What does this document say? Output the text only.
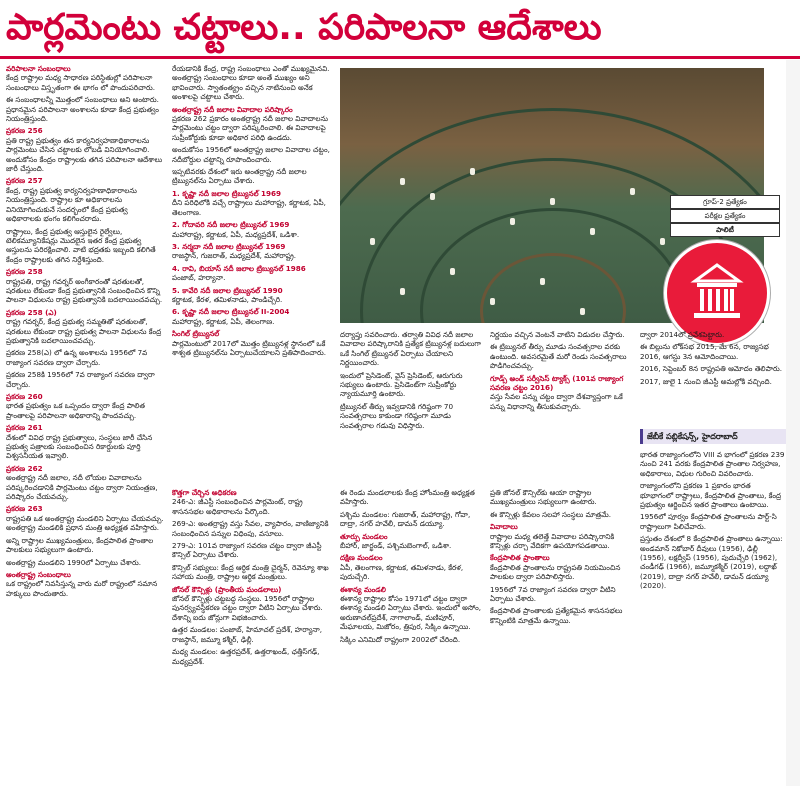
పార్లమెంటు చట్టాలు.. పరిపాలనా ఆదేశాలు

వరిపాలనా సంబంధాలు
కేంద్ర రాష్ట్రాల మధ్య సాధారణ పరిస్థితుల్లో పరిపాలనా సంబంధాలు విస్తృతంగా ఈ భాగం లో పొందుపరిచారు.

ఈ సంబంధాలన్నీ మొత్తంలో సంబంధాలు అని అంటారు. ప్రధానమైన పరిపాలనా అంశాలను కూడా కేంద్ర ప్రభుత్వం నియంత్రిస్తుంది.

ప్రకరణ 256
ప్రతి రాష్ట్ర ప్రభుత్వం తన కార్యనిర్వహణాధికారాలను పార్లమెంటు చేసిన చట్టాలకు లోబడి వినియోగించాలి. అందుకోసం కేంద్రం రాష్ట్రాలకు తగిన పరిపాలనా ఆదేశాలు జారీ చేస్తుంది.

ప్రకరణ 257
కేంద్ర, రాష్ట్ర ప్రభుత్వ కార్యనిర్వహణాధికారాలను నియంత్రిస్తుంది. రాష్ట్రాల కూ అధికారాలను వినియోగించుకునే సందర్భంలో కేంద్ర ప్రభుత్వ అధికారాలకు భంగం కలిగించరాదు.

రాష్ట్రాలు, కేంద్ర ప్రభుత్వ ఆస్తులైన రైల్వేలు, టెలికమ్యూనికేషన్లు మొదలైన ఇతర కేంద్ర ప్రభుత్వ ఆస్తులను పరిరక్షించాలి. వాటి భద్రతకు ఇబ్బంది కలిగితే కేంద్రం రాష్ట్రాలకు తగిన నిర్దేశిస్తుంది.

ప్రకరణ 258
రాష్ట్రపతి, రాష్ట్ర గవర్నర్ అంగీకారంతో షరతులతో, షరతులు లేకుండా కేంద్ర ప్రభుత్వానికి సంబంధించిన కొన్ని పాలనా విధులను రాష్ట్ర ప్రభుత్వానికి బదలాయించవచ్చు.

ప్రకరణ 258 (ఎ)
రాష్ట్ర గవర్నర్, కేంద్ర ప్రభుత్వ సమ్మతితో షరతులతో, షరతులు లేకుండా రాష్ట్ర ప్రభుత్వ పాలనా విధులను కేంద్ర ప్రభుత్వానికి బదలాయించవచ్చు.

ప్రకరణ 258(ఎ) లో ఉన్న అంశాలను 1956లో 7వ రాజ్యాంగ సవరణ ద్వారా చేర్చారు.

ప్రకరణ 258కి 1956లో 7వ రాజ్యాంగ సవరణ ద్వారా చేర్చారు.

ప్రకరణ 260
భారత ప్రభుత్వం ఒక ఒప్పందం ద్వారా కేంద్ర పాలిత ప్రాంతాలపై పరిపాలనా అధికారాన్ని పొందవచ్చు.

ప్రకరణ 261
దేశంలో వివిధ రాష్ట్ర ప్రభుత్వాలు, సంస్థలు జారీ చేసిన ప్రభుత్వ పత్రాలకు సంబంధించిన రికార్డులకు పూర్తి విశ్వసనీయత ఇవ్వాలి.

ప్రకరణ 262
అంతర్రాష్ట్ర నదీ జలాల, నదీ లోయల వివాదాలను పరిష్కరించడానికి పార్లమెంటు చట్టం ద్వారా నియంత్రణ, పరిష్కారం చేయవచ్చు.

ప్రకరణ 263
రాష్ట్రపతి ఒక అంతర్రాష్ట్ర మండలిని ఏర్పాటు చేయవచ్చు. అంతర్రాష్ట్ర మండలికి ప్రధాన మంత్రి అధ్యక్షత వహిస్తారు.

అన్ని రాష్ట్రాల ముఖ్యమంత్రులు, కేంద్రపాలిత ప్రాంతాల పాలకులు సభ్యులుగా ఉంటారు.

అంతర్రాష్ట్ర మండలిని 1990లో ఏర్పాటు చేశారు.

అంతర్రాష్ట్ర సంబంధాలు
ఒక రాష్ట్రంలో నివసిస్తున్న వారు మరో రాష్ట్రంలో సమాన హక్కులు పొందుతారు.

రేయడానికి కేంద్ర, రాష్ట్ర సంబంధాలు ఎంతో ముఖ్యమైనవి. అంతర్రాష్ట్ర సంబంధాలు కూడా అంతే ముఖ్యం అని భావించారు. స్వాతంత్య్రం వచ్చిన నాటినుంచి అనేక అంశాలపై చట్టాలు చేశారు.

అంతర్రాష్ట్ర నదీ జలాల వివాదాల పరిష్కారం
ప్రకరణ 262 ప్రకారం అంతర్రాష్ట్ర నదీ జలాల వివాదాలను పార్లమెంటు చట్టం ద్వారా పరిష్కరించాలి. ఈ వివాదాలపై సుప్రీంకోర్టుకు కూడా అధికార పరిధి ఉండదు.

అందుకోసం 1956లో అంతర్రాష్ట్ర జలాల వివాదాల చట్టం, నదీబోర్డుల చట్టాన్ని రూపొందించారు.

ఇప్పటివరకు దేశంలో ఇరు అంతర్రాష్ట్ర నదీ జలాల ట్రిబ్యునల్‌ను ఏర్పాటు చేశారు.

1. కృష్ణా నదీ జలాల ట్రిబ్యునల్ 1969
దీని పరిధిలోకి వచ్చే రాష్ట్రాలు మహారాష్ట్ర, కర్ణాటక, ఏపీ, తెలంగాణ.

2. గోదావరి నదీ జలాల ట్రిబ్యునల్ 1969
మహారాష్ట్ర, కర్ణాటక, ఏపీ, మధ్యప్రదేశ్, ఒడిశా.

3. నర్మదా నదీ జలాల ట్రిబ్యునల్ 1969
రాజస్థాన్, గుజరాత్, మధ్యప్రదేశ్, మహారాష్ట్ర.

4. రావి, బియాస్ నదీ జలాల ట్రిబ్యునల్ 1986
పంజాబ్, హర్యానా.

5. కావేరి నదీ జలాల ట్రిబ్యునల్ 1990
కర్ణాటక, కేరళ, తమిళనాడు, పాండిచ్చేరి.

6. కృష్ణా నదీ జలాల ట్రిబ్యునల్ II-2004
మహారాష్ట్ర, కర్ణాటక, ఏపీ, తెలంగాణ.

సింగిల్ ట్రిబ్యునల్
పార్లమెంటులో 2017లో మొత్తం ట్రిబ్యునళ్ల స్థానంలో ఒకే శాశ్వత ట్రిబ్యునల్‌ను ఏర్పాటుచేయాలని ప్రతిపాదించారు.

గ్రూప్-2 ప్రత్యేకం
పరీక్షల ప్రత్యేకం
పాలిటీ

దర్యాప్తు సవరించారు. తర్వాతి వివిధ నదీ జలాల వివాదాల పరిష్కారానికి ప్రత్యేక ట్రిబ్యునళ్ల బదులుగా ఒకే సింగిల్ ట్రిబ్యునల్ ఏర్పాటు చేయాలని నిర్ణయించారు.

ఇందులో ప్రెసిడెంట్, వైస్ ప్రెసిడెంట్, ఆరుగురు సభ్యులు ఉంటారు. ప్రెసిడెంట్‌గా సుప్రీంకోర్టు న్యాయమూర్తి ఉంటారు.

ట్రిబ్యునల్ తీర్పు ఇవ్వడానికి గరిష్ఠంగా 70 సంవత్సరాలు కాకుండా గరిష్ఠంగా మూడు సంవత్సరాల గడువు విధిస్తారు.

నిర్ణయం వచ్చిన వెంటనే వాటిని విడుదల చేస్తారు.

ఈ ట్రిబ్యునల్ తీర్పు మూడు సంవత్సరాల వరకు ఉంటుంది. అవసరమైతే మరో రెండు సంవత్సరాలు పొడిగించవచ్చు.

గూడ్స్ అండ్ సర్వీసెస్ ట్యాక్స్ (101వ రాజ్యాంగ సవరణ చట్టం 2016)
వస్తు సేవల పన్ను చట్టం ద్వారా దేశవ్యాప్తంగా ఒకే పన్ను విధానాన్ని తీసుకువచ్చారు.

ద్వారా 2014లో ప్రవేశపెట్టారు.

ఈ బిల్లును లోక్‌సభ 2015, మే 6న, రాజ్యసభ 2016, ఆగస్టు 3న ఆమోదించాయి.

2016, సెప్టెంబర్ 8న రాష్ట్రపతి ఆమోదం తెలిపారు.

2017, జులై 1 నుంచి జీఎస్టీ అమల్లోకి వచ్చింది.

జేబీకే పబ్లికేషన్స్, హైదరాబాద్

కొత్తగా చేర్చిన అధికరణ
246-ఎ: జీఎస్టీ సంబంధించిన పార్లమెంట్, రాష్ట్ర శాసనసభల అధికారాలను పేర్కొంది.

269-ఎ: అంతర్రాష్ట్ర వస్తు సేవల, వ్యాపారం, వాణిజ్యానికి సంబంధించిన పన్నుల విధింపు, వసూలు.

279-ఎ: 101వ రాజ్యాంగ సవరణ చట్టం ద్వారా జీఎస్టీ కౌన్సిల్ ఏర్పాటు చేశారు.

కౌన్సిల్ సభ్యులు: కేంద్ర ఆర్థిక మంత్రి చైర్మన్, రెవెన్యూ శాఖ సహాయ మంత్రి, రాష్ట్రాల ఆర్థిక మంత్రులు.

జోనల్ కౌన్సిళ్లు (ప్రాంతీయ మండలాలు)
జోనల్ కౌన్సిళ్లు చట్టబద్ధ సంస్థలు. 1956లో రాష్ట్రాల పునర్వ్యవస్థీకరణ చట్టం ద్వారా వీటిని ఏర్పాటు చేశారు. దేశాన్ని ఐదు జోన్లుగా విభజించారు.

ఉత్తర మండలం: పంజాబ్, హిమాచల్ ప్రదేశ్, హర్యానా, రాజస్థాన్, జమ్మూ కశ్మీర్, ఢిల్లీ.

మధ్య మండలం: ఉత్తరప్రదేశ్, ఉత్తరాఖండ్, ఛత్తీస్‌గఢ్, మధ్యప్రదేశ్.

ఈ రెండు మండలాలకు కేంద్ర హోంమంత్రి అధ్యక్షత వహిస్తారు.

పశ్చిమ మండలం: గుజరాత్, మహారాష్ట్ర, గోవా, దాద్రా, నగర్ హవేలీ, డామన్ డయ్యూ.

తూర్పు మండలం
బీహార్, జార్ఖండ్, పశ్చిమబెంగాల్, ఒడిశా.

దక్షిణ మండలం
ఏపీ, తెలంగాణ, కర్ణాటక, తమిళనాడు, కేరళ, పుదుచ్చేరి.

ఈశాన్య మండలి
ఈశాన్య రాష్ట్రాల కోసం 1971లో చట్టం ద్వారా ఈశాన్య మండలి ఏర్పాటు చేశారు. ఇందులో అసోం, అరుణాచల్‌ప్రదేశ్, నాగాలాండ్, మణిపూర్, మేఘాలయ, మిజోరం, త్రిపుర, సిక్కిం ఉన్నాయి.

సిక్కిం ఎనిమిదో రాష్ట్రంగా 2002లో చేరింది.

ప్రతి జోనల్ కౌన్సిల్‌కు ఆయా రాష్ట్రాల ముఖ్యమంత్రులు సభ్యులుగా ఉంటారు.

ఈ కౌన్సిళ్లు కేవలం సలహా సంస్థలు మాత్రమే.

వివాదాలు
రాష్ట్రాల మధ్య తలెత్తే వివాదాల పరిష్కారానికి కౌన్సిళ్లు చర్చా వేదికగా ఉపయోగపడతాయి.

కేంద్రపాలిత ప్రాంతాలు
కేంద్రపాలిత ప్రాంతాలను రాష్ట్రపతి నియమించిన పాలకుల ద్వారా పరిపాలిస్తారు.

1956లో 7వ రాజ్యాంగ సవరణ ద్వారా వీటిని ఏర్పాటు చేశారు.

కేంద్రపాలిత ప్రాంతాలకు ప్రత్యేకమైన శాసనసభలు కొన్నింటికి మాత్రమే ఉన్నాయి.

భారత రాజ్యాంగంలోని VIII వ భాగంలో ప్రకరణ 239 నుంచి 241 వరకు కేంద్రపాలిత ప్రాంతాల నిర్వహణ, అధికారాలు, విధుల గురించి వివరించారు.

రాజ్యాంగంలోని ప్రకరణ 1 ప్రకారం భారత భూభాగంలో రాష్ట్రాలు, కేంద్రపాలిత ప్రాంతాలు, కేంద్ర ప్రభుత్వం ఆర్జించిన ఇతర ప్రాంతాలు ఉంటాయి.

1956లో పూర్వం కేంద్రపాలిత ప్రాంతాలను పార్ట్-సి రాష్ట్రాలుగా పిలిచేవారు.

ప్రస్తుతం దేశంలో 8 కేంద్రపాలిత ప్రాంతాలు ఉన్నాయి: అండమాన్ నికోబార్ దీవులు (1956), ఢిల్లీ (1956), లక్షద్వీప్ (1956), పుదుచ్చేరి (1962), చండీగఢ్ (1966), జమ్మూకశ్మీర్ (2019), లద్దాఖ్ (2019), దాద్రా నగర్ హవేలీ, డామన్ డయ్యూ (2020).
